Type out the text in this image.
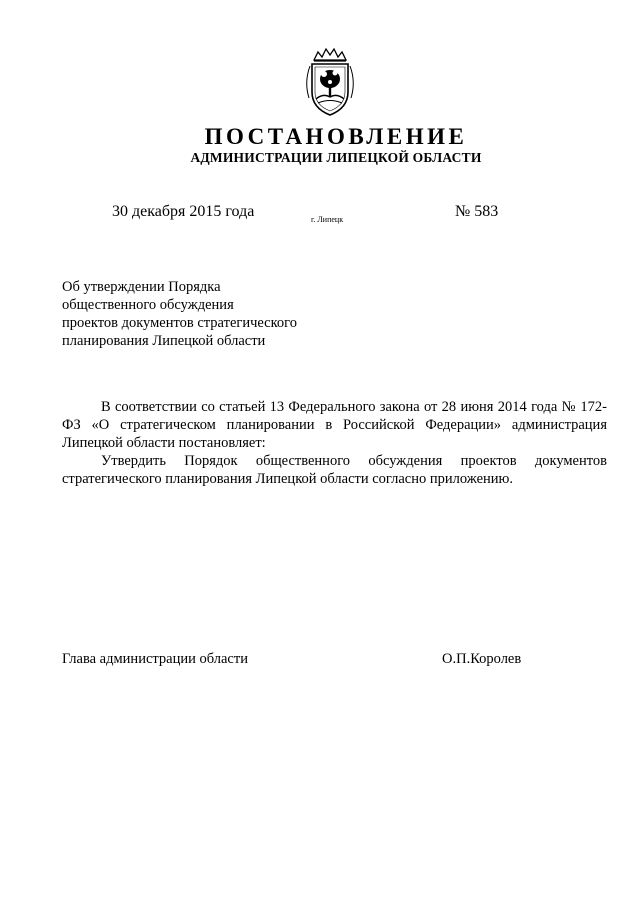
ПОСТАНОВЛЕНИЕ
АДМИНИСТРАЦИИ ЛИПЕЦКОЙ ОБЛАСТИ
30 декабря 2015 года	г. Липецк	№ 583
Об утверждении Порядка
общественного обсуждения
проектов документов стратегического
планирования Липецкой области

В соответствии со статьей 13 Федерального закона от 28 июня 2014 года № 172-ФЗ «О стратегическом планировании в Российской Федерации» администрация Липецкой области постановляет:

Утвердить Порядок общественного обсуждения проектов документов стратегического планирования Липецкой области согласно приложению.

Глава администрации области	О.П.Королев
